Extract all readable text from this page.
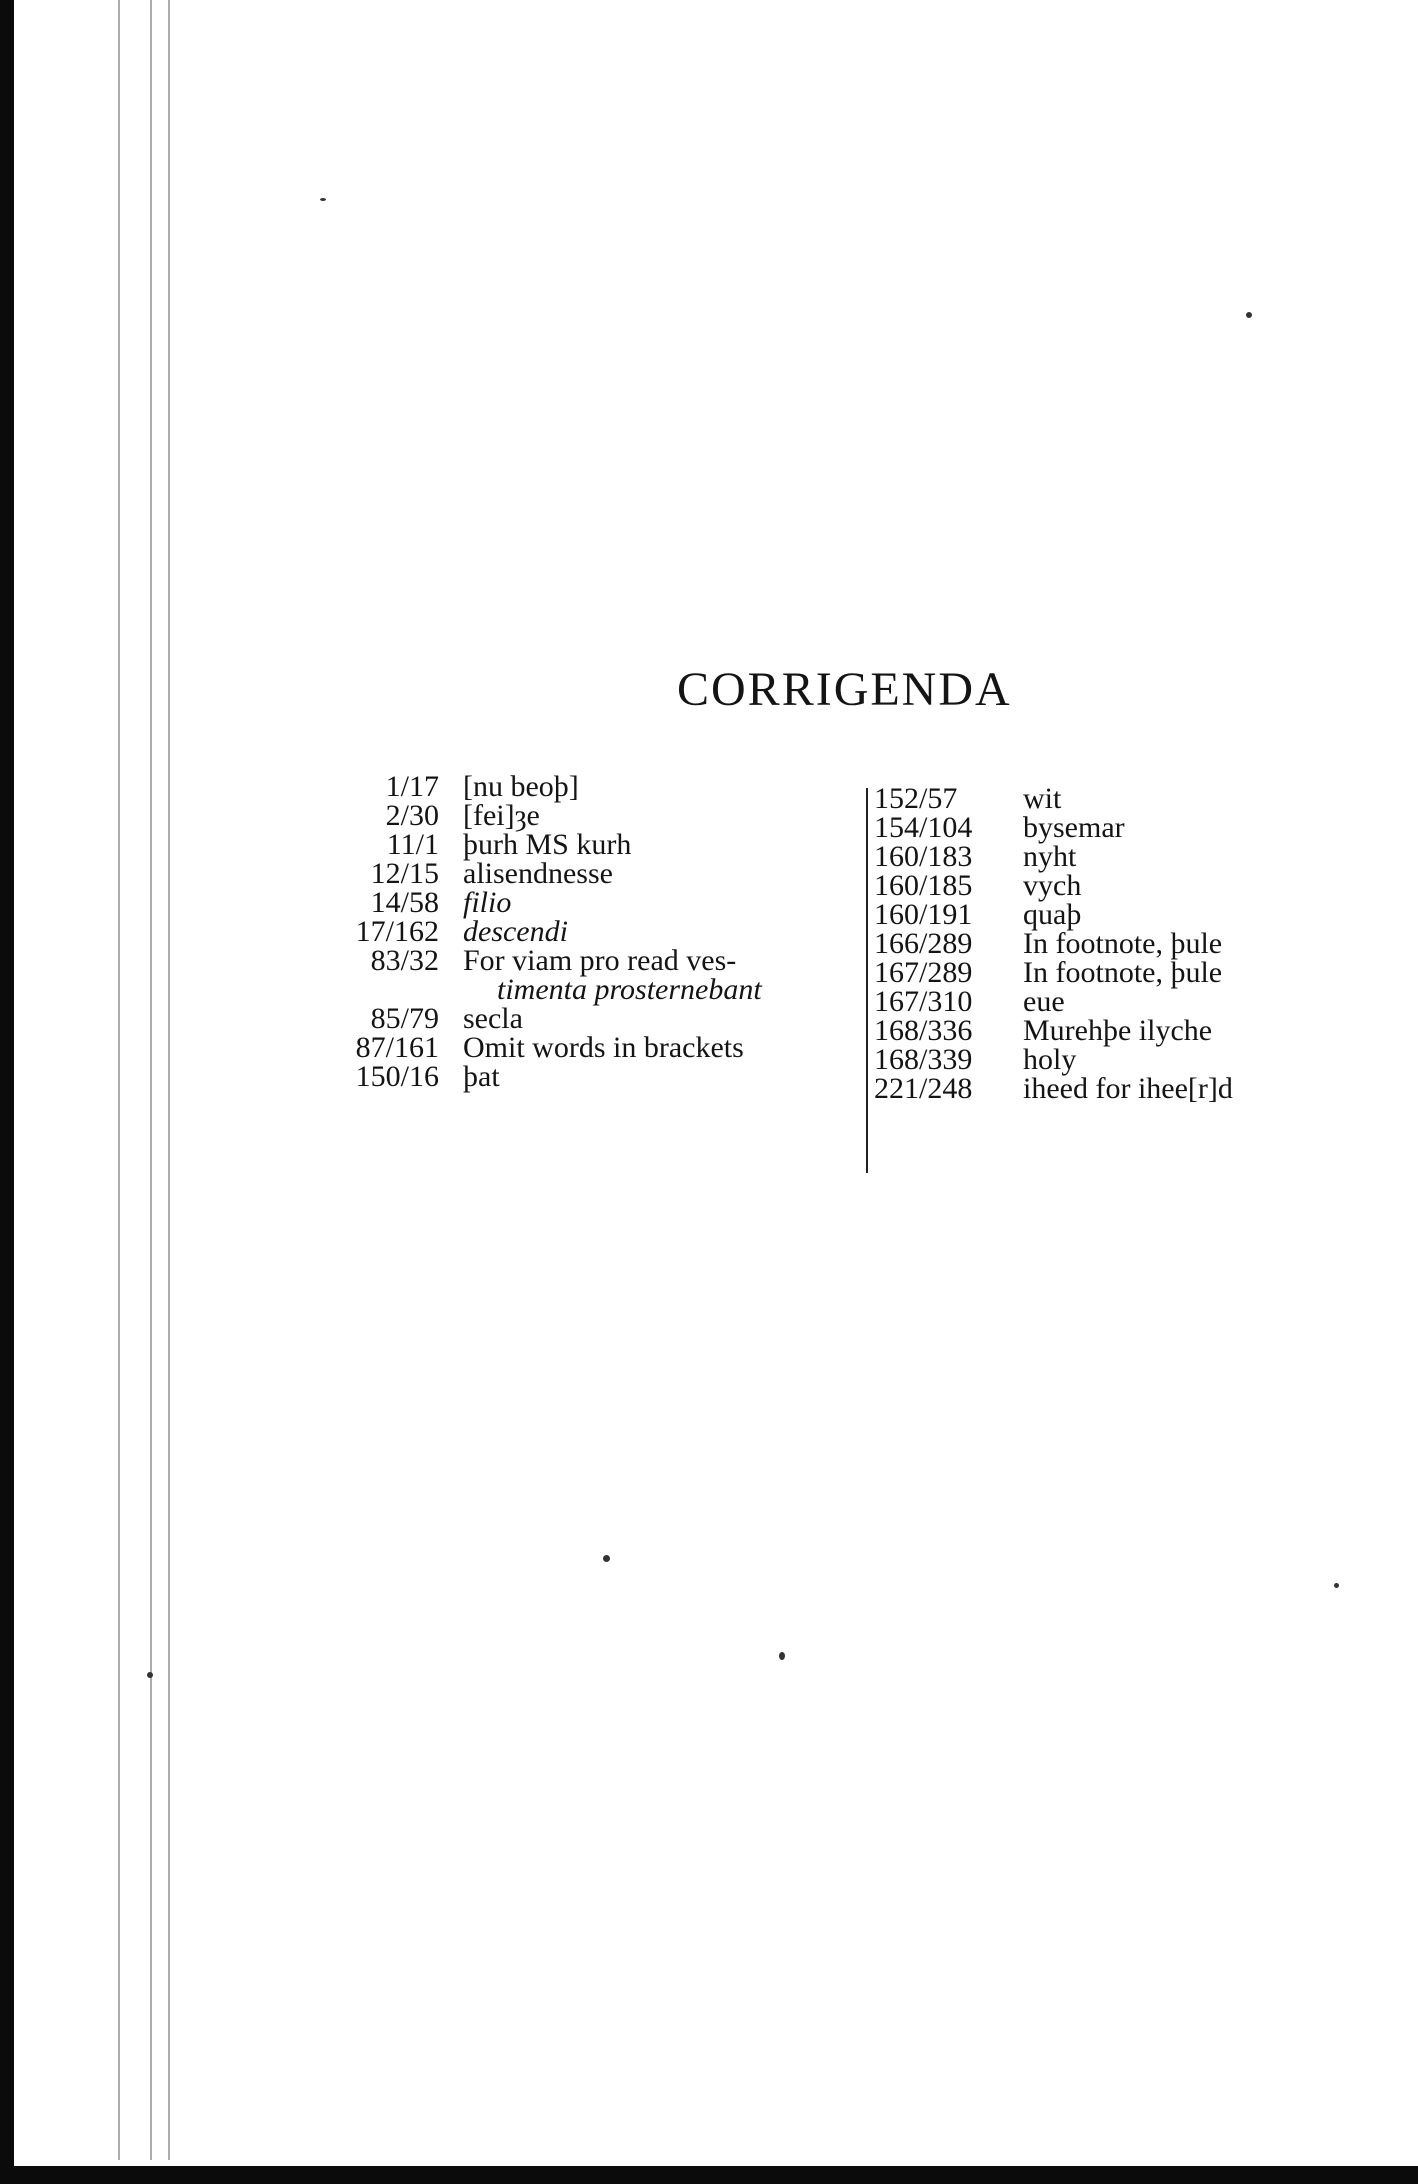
CORRIGENDA
1/17 [nu beoþ]
2/30 [fei]ȝe
11/1 þurh MS kurh
12/15 alisendnesse
14/58 filio
17/162 descendi
83/32 For viam pro read ves-
timenta prosternebant
85/79 secla
87/161 Omit words in brackets
150/16 þat
152/57	wit
154/104	bysemar
160/183	nyht
160/185	vych
160/191	quaþ
166/289	In footnote, þule
167/289	In footnote, þule
167/310	eue
168/336	Murehþe ilyche
168/339	holy
221/248	iheed for ihee[r]d
